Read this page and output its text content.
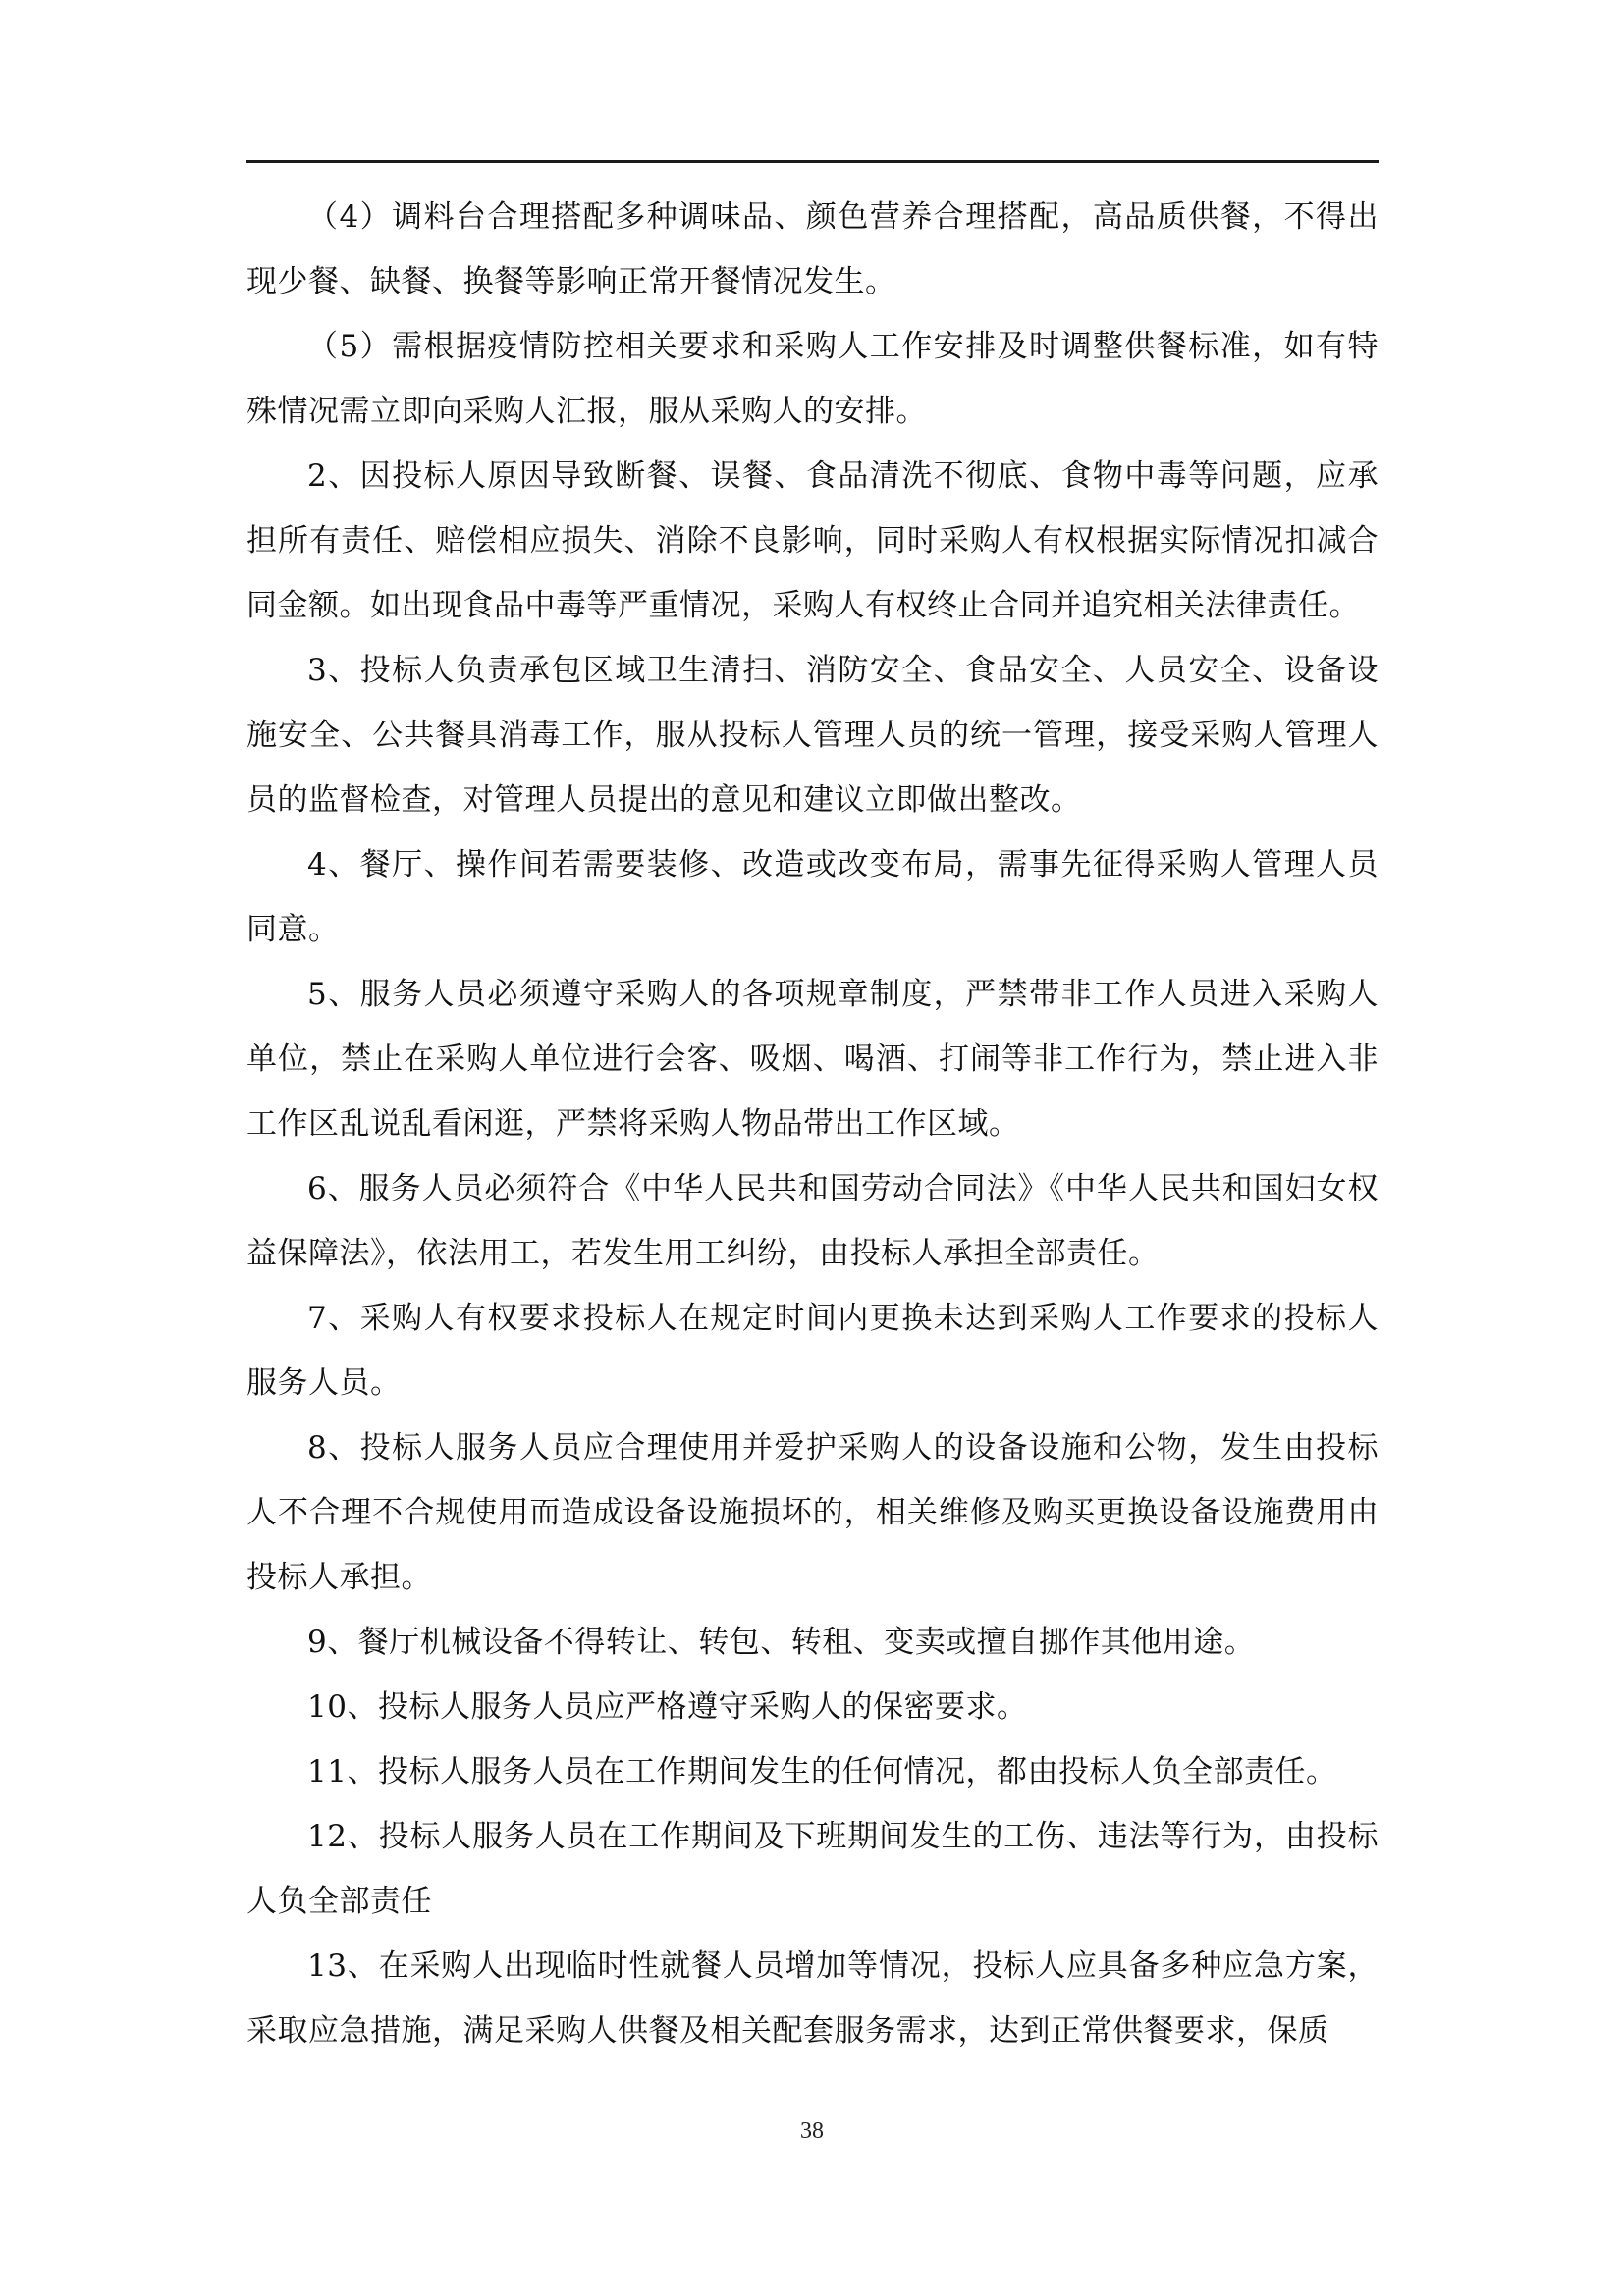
（4）调料台合理搭配多种调味品、颜色营养合理搭配，高品质供餐，不得出现少餐、缺餐、换餐等影响正常开餐情况发生。

（5）需根据疫情防控相关要求和采购人工作安排及时调整供餐标准，如有特殊情况需立即向采购人汇报，服从采购人的安排。

2、因投标人原因导致断餐、误餐、食品清洗不彻底、食物中毒等问题，应承担所有责任、赔偿相应损失、消除不良影响，同时采购人有权根据实际情况扣减合同金额。如出现食品中毒等严重情况，采购人有权终止合同并追究相关法律责任。

3、投标人负责承包区域卫生清扫、消防安全、食品安全、人员安全、设备设施安全、公共餐具消毒工作，服从投标人管理人员的统一管理，接受采购人管理人员的监督检查，对管理人员提出的意见和建议立即做出整改。

4、餐厅、操作间若需要装修、改造或改变布局，需事先征得采购人管理人员同意。

5、服务人员必须遵守采购人的各项规章制度，严禁带非工作人员进入采购人单位，禁止在采购人单位进行会客、吸烟、喝酒、打闹等非工作行为，禁止进入非工作区乱说乱看闲逛，严禁将采购人物品带出工作区域。

6、服务人员必须符合《中华人民共和国劳动合同法》《中华人民共和国妇女权益保障法》，依法用工，若发生用工纠纷，由投标人承担全部责任。

7、采购人有权要求投标人在规定时间内更换未达到采购人工作要求的投标人服务人员。

8、投标人服务人员应合理使用并爱护采购人的设备设施和公物，发生由投标人不合理不合规使用而造成设备设施损坏的，相关维修及购买更换设备设施费用由投标人承担。

9、餐厅机械设备不得转让、转包、转租、变卖或擅自挪作其他用途。

10、投标人服务人员应严格遵守采购人的保密要求。

11、投标人服务人员在工作期间发生的任何情况，都由投标人负全部责任。

12、投标人服务人员在工作期间及下班期间发生的工伤、违法等行为，由投标人负全部责任

13、在采购人出现临时性就餐人员增加等情况，投标人应具备多种应急方案，采取应急措施，满足采购人供餐及相关配套服务需求，达到正常供餐要求，保质

38
